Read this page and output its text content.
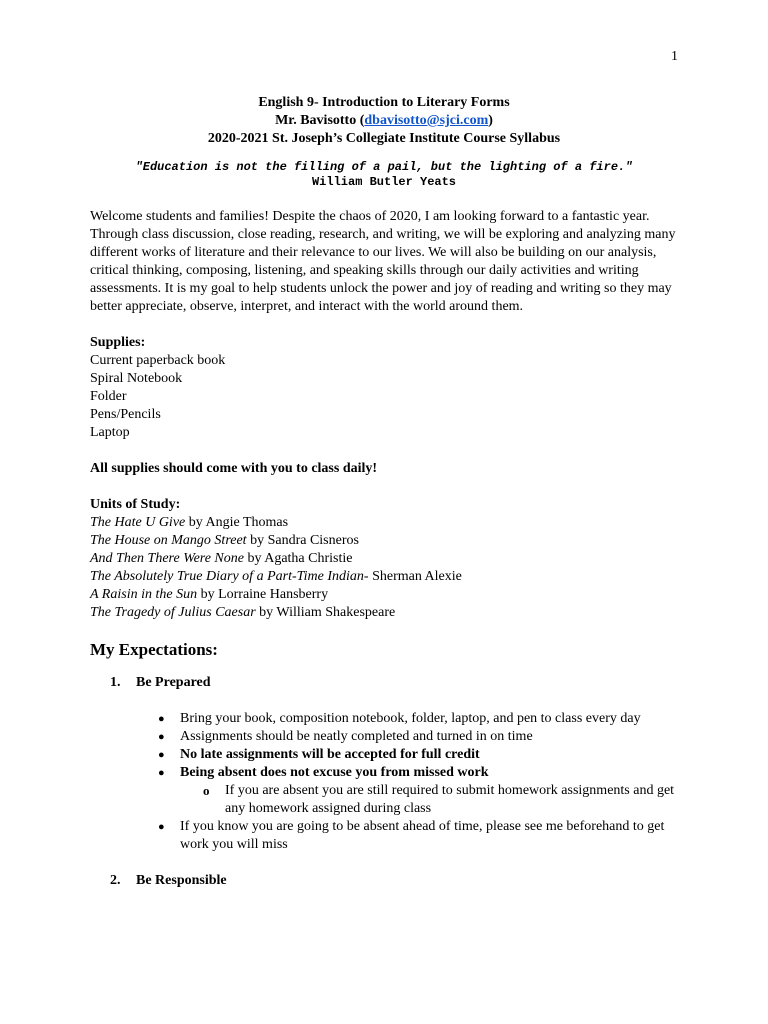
1
English 9- Introduction to Literary Forms
Mr. Bavisotto (dbavisotto@sjci.com)
2020-2021 St. Joseph’s Collegiate Institute Course Syllabus
"Education is not the filling of a pail, but the lighting of a fire."
William Butler Yeats

Welcome students and families! Despite the chaos of 2020, I am looking forward to a fantastic year. Through class discussion, close reading, research, and writing, we will be exploring and analyzing many different works of literature and their relevance to our lives. We will also be building on our analysis, critical thinking, composing, listening, and speaking skills through our daily activities and writing assessments. It is my goal to help students unlock the power and joy of reading and writing so they may better appreciate, observe, interpret, and interact with the world around them.

Supplies:
Current paperback book
Spiral Notebook
Folder
Pens/Pencils
Laptop
All supplies should come with you to class daily!
Units of Study:
The Hate U Give by Angie Thomas
The House on Mango Street by Sandra Cisneros
And Then There Were None by Agatha Christie
The Absolutely True Diary of a Part-Time Indian- Sherman Alexie
A Raisin in the Sun by Lorraine Hansberry
The Tragedy of Julius Caesar by William Shakespeare
My Expectations:
1.	Be Prepared
●	Bring your book, composition notebook, folder, laptop, and pen to class every day
●	Assignments should be neatly completed and turned in on time
●	No late assignments will be accepted for full credit
●	Being absent does not excuse you from missed work
o	If you are absent you are still required to submit homework assignments and get any homework assigned during class
●	If you know you are going to be absent ahead of time, please see me beforehand to get work you will miss
2.	Be Responsible
